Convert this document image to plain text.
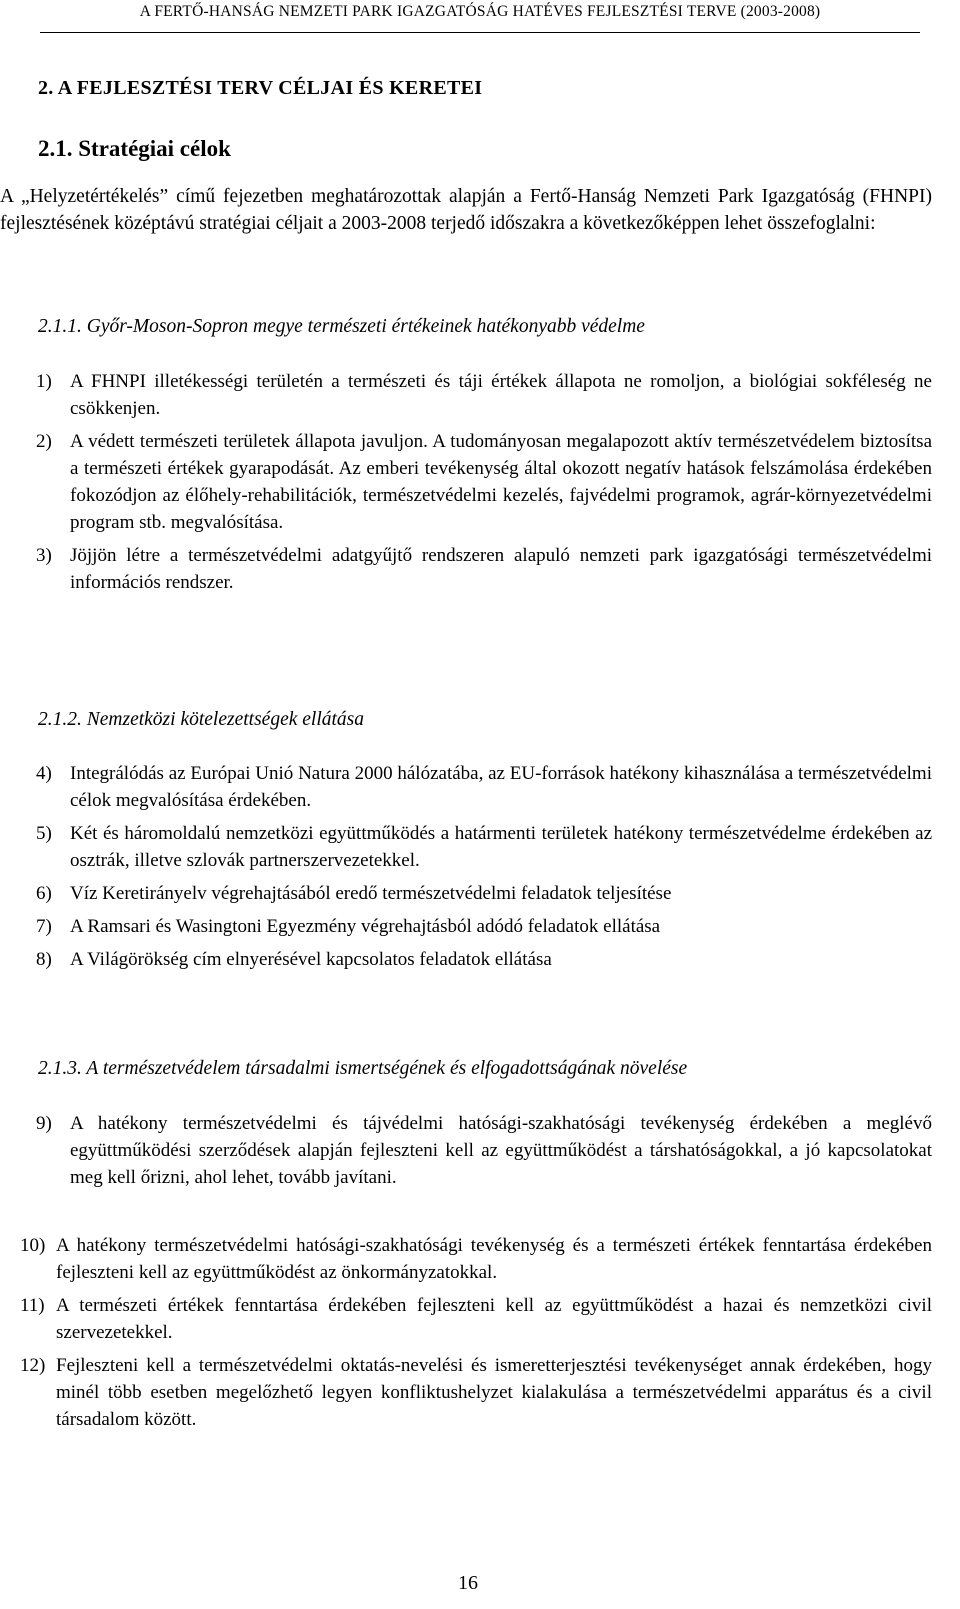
A FERTŐ-HANSÁG NEMZETI PARK IGAZGATÓSÁG HATÉVES FEJLESZTÉSI TERVE (2003-2008)
2. A FEJLESZTÉSI TERV CÉLJAI ÉS KERETEI
2.1. Stratégiai célok
A „Helyzetértékelés” című fejezetben meghatározottak alapján a Fertő-Hanság Nemzeti Park Igazgatóság (FHNPI) fejlesztésének középtávú stratégiai céljait a 2003-2008 terjedő időszakra a következőképpen lehet összefoglalni:
2.1.1. Győr-Moson-Sopron megye természeti értékeinek hatékonyabb védelme
1) A FHNPI illetékességi területén a természeti és táji értékek állapota ne romoljon, a biológiai sokféleség ne csökkenjen.
2) A védett természeti területek állapota javuljon. A tudományosan megalapozott aktív természetvédelem biztosítsa a természeti értékek gyarapodását. Az emberi tevékenység által okozott negatív hatások felszámolása érdekében fokozódjon az élőhely-rehabilitációk, természetvédelmi kezelés, fajvédelmi programok, agrár-környezetvédelmi program stb. megvalósítása.
3) Jöjjön létre a természetvédelmi adatgyűjtő rendszeren alapuló nemzeti park igazgatósági természetvédelmi információs rendszer.
2.1.2. Nemzetközi kötelezettségek ellátása
4) Integrálódás az Európai Unió Natura 2000 hálózatába, az EU-források hatékony kihasználása a természetvédelmi célok megvalósítása érdekében.
5) Két és háromoldalú nemzetközi együttműködés a határmenti területek hatékony természetvédelme érdekében az osztrák, illetve szlovák partnerszervezetekkel.
6) Víz Keretirányelv végrehajtásából eredő természetvédelmi feladatok teljesítése
7) A Ramsari és Wasingtoni Egyezmény végrehajtásból adódó feladatok ellátása
8) A Világörökség cím elnyerésével kapcsolatos feladatok ellátása
2.1.3. A természetvédelem társadalmi ismertségének és elfogadottságának növelése
9) A hatékony természetvédelmi és tájvédelmi hatósági-szakhatósági tevékenység érdekében a meglévő együttműködési szerződések alapján fejleszteni kell az együttműködést a társhatóságokkal, a jó kapcsolatokat meg kell őrizni, ahol lehet, tovább javítani.
10) A hatékony természetvédelmi hatósági-szakhatósági tevékenység és a természeti értékek fenntartása érdekében fejleszteni kell az együttműködést az önkormányzatokkal.
11) A természeti értékek fenntartása érdekében fejleszteni kell az együttműködést a hazai és nemzetközi civil szervezetekkel.
12) Fejleszteni kell a természetvédelmi oktatás-nevelési és ismeretterjesztési tevékenységet annak érdekében, hogy minél több esetben megelőzhető legyen konfliktushelyzet kialakulása a természetvédelmi apparátus és a civil társadalom között.
16
